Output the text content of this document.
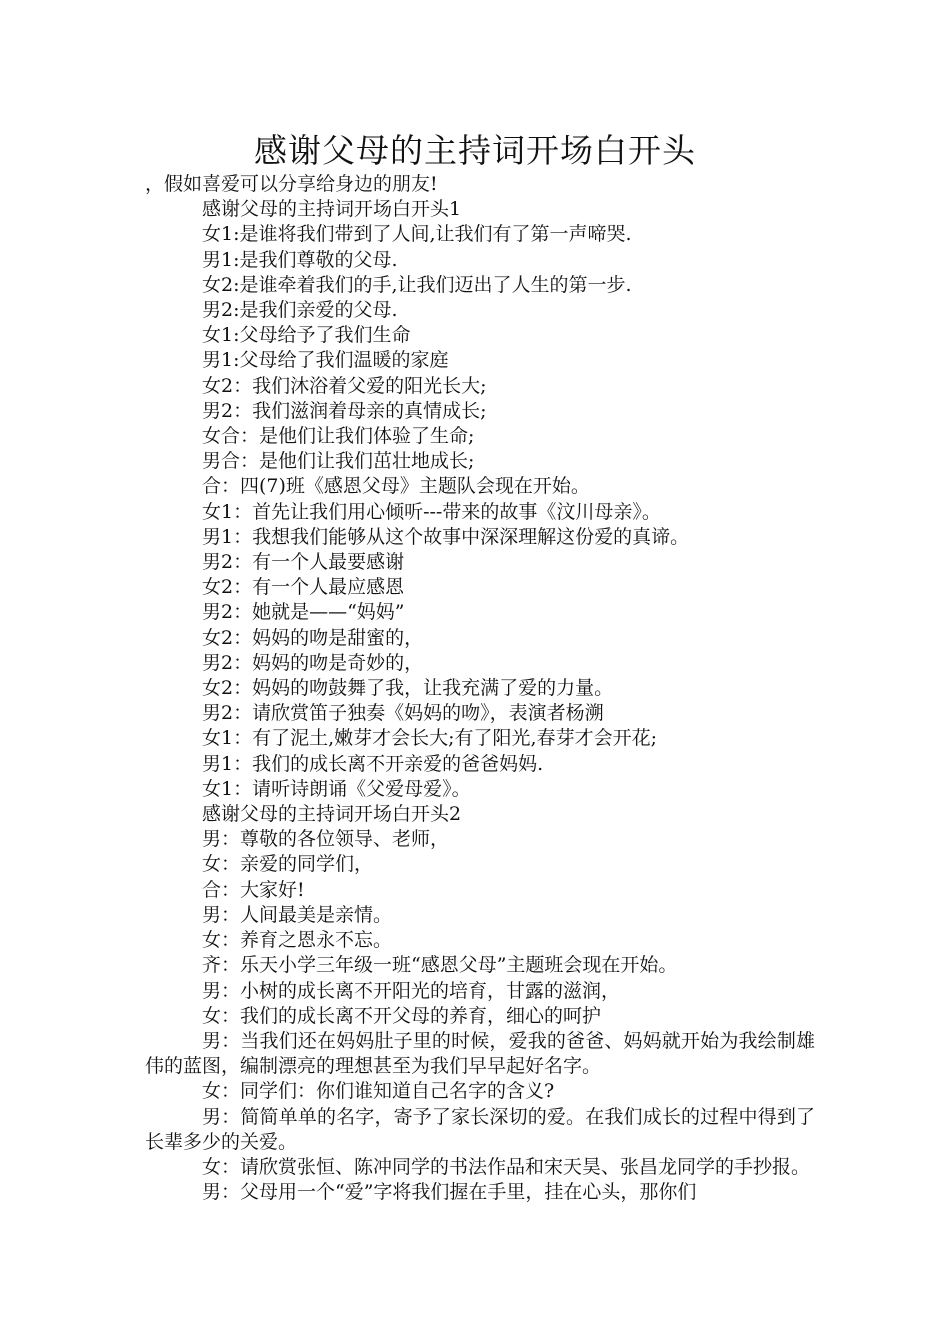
感谢父母的主持词开场白开头

，假如喜爱可以分享给身边的朋友!

感谢父母的主持词开场白开头1

女1:是谁将我们带到了人间,让我们有了第一声啼哭.

男1:是我们尊敬的父母.

女2:是谁牵着我们的手,让我们迈出了人生的第一步.

男2:是我们亲爱的父母.

女1:父母给予了我们生命

男1:父母给了我们温暖的家庭

女2：我们沐浴着父爱的阳光长大;

男2：我们滋润着母亲的真情成长;

女合：是他们让我们体验了生命;

男合：是他们让我们茁壮地成长;

合：四(7)班《感恩父母》主题队会现在开始。

女1：首先让我们用心倾听---带来的故事《汶川母亲》。

男1：我想我们能够从这个故事中深深理解这份爱的真谛。

男2：有一个人最要感谢

女2：有一个人最应感恩

男2：她就是——“妈妈”

女2：妈妈的吻是甜蜜的，

男2：妈妈的吻是奇妙的，

女2：妈妈的吻鼓舞了我，让我充满了爱的力量。

男2：请欣赏笛子独奏《妈妈的吻》，表演者杨溯

女1：有了泥土,嫩芽才会长大;有了阳光,春芽才会开花;

男1：我们的成长离不开亲爱的爸爸妈妈.

女1：请听诗朗诵《父爱母爱》。

感谢父母的主持词开场白开头2

男：尊敬的各位领导、老师，

女：亲爱的同学们，

合：大家好!

男：人间最美是亲情。

女：养育之恩永不忘。

齐：乐天小学三年级一班“感恩父母”主题班会现在开始。

男：小树的成长离不开阳光的培育，甘露的滋润，

女：我们的成长离不开父母的养育，细心的呵护

男：当我们还在妈妈肚子里的时候，爱我的爸爸、妈妈就开始为我绘制雄伟的蓝图，编制漂亮的理想甚至为我们早早起好名字。

女：同学们：你们谁知道自己名字的含义?

男：简简单单的名字，寄予了家长深切的爱。在我们成长的过程中得到了长辈多少的关爱。

女：请欣赏张恒、陈冲同学的书法作品和宋天昊、张昌龙同学的手抄报。

男：父母用一个“爱”字将我们握在手里，挂在心头，那你们
